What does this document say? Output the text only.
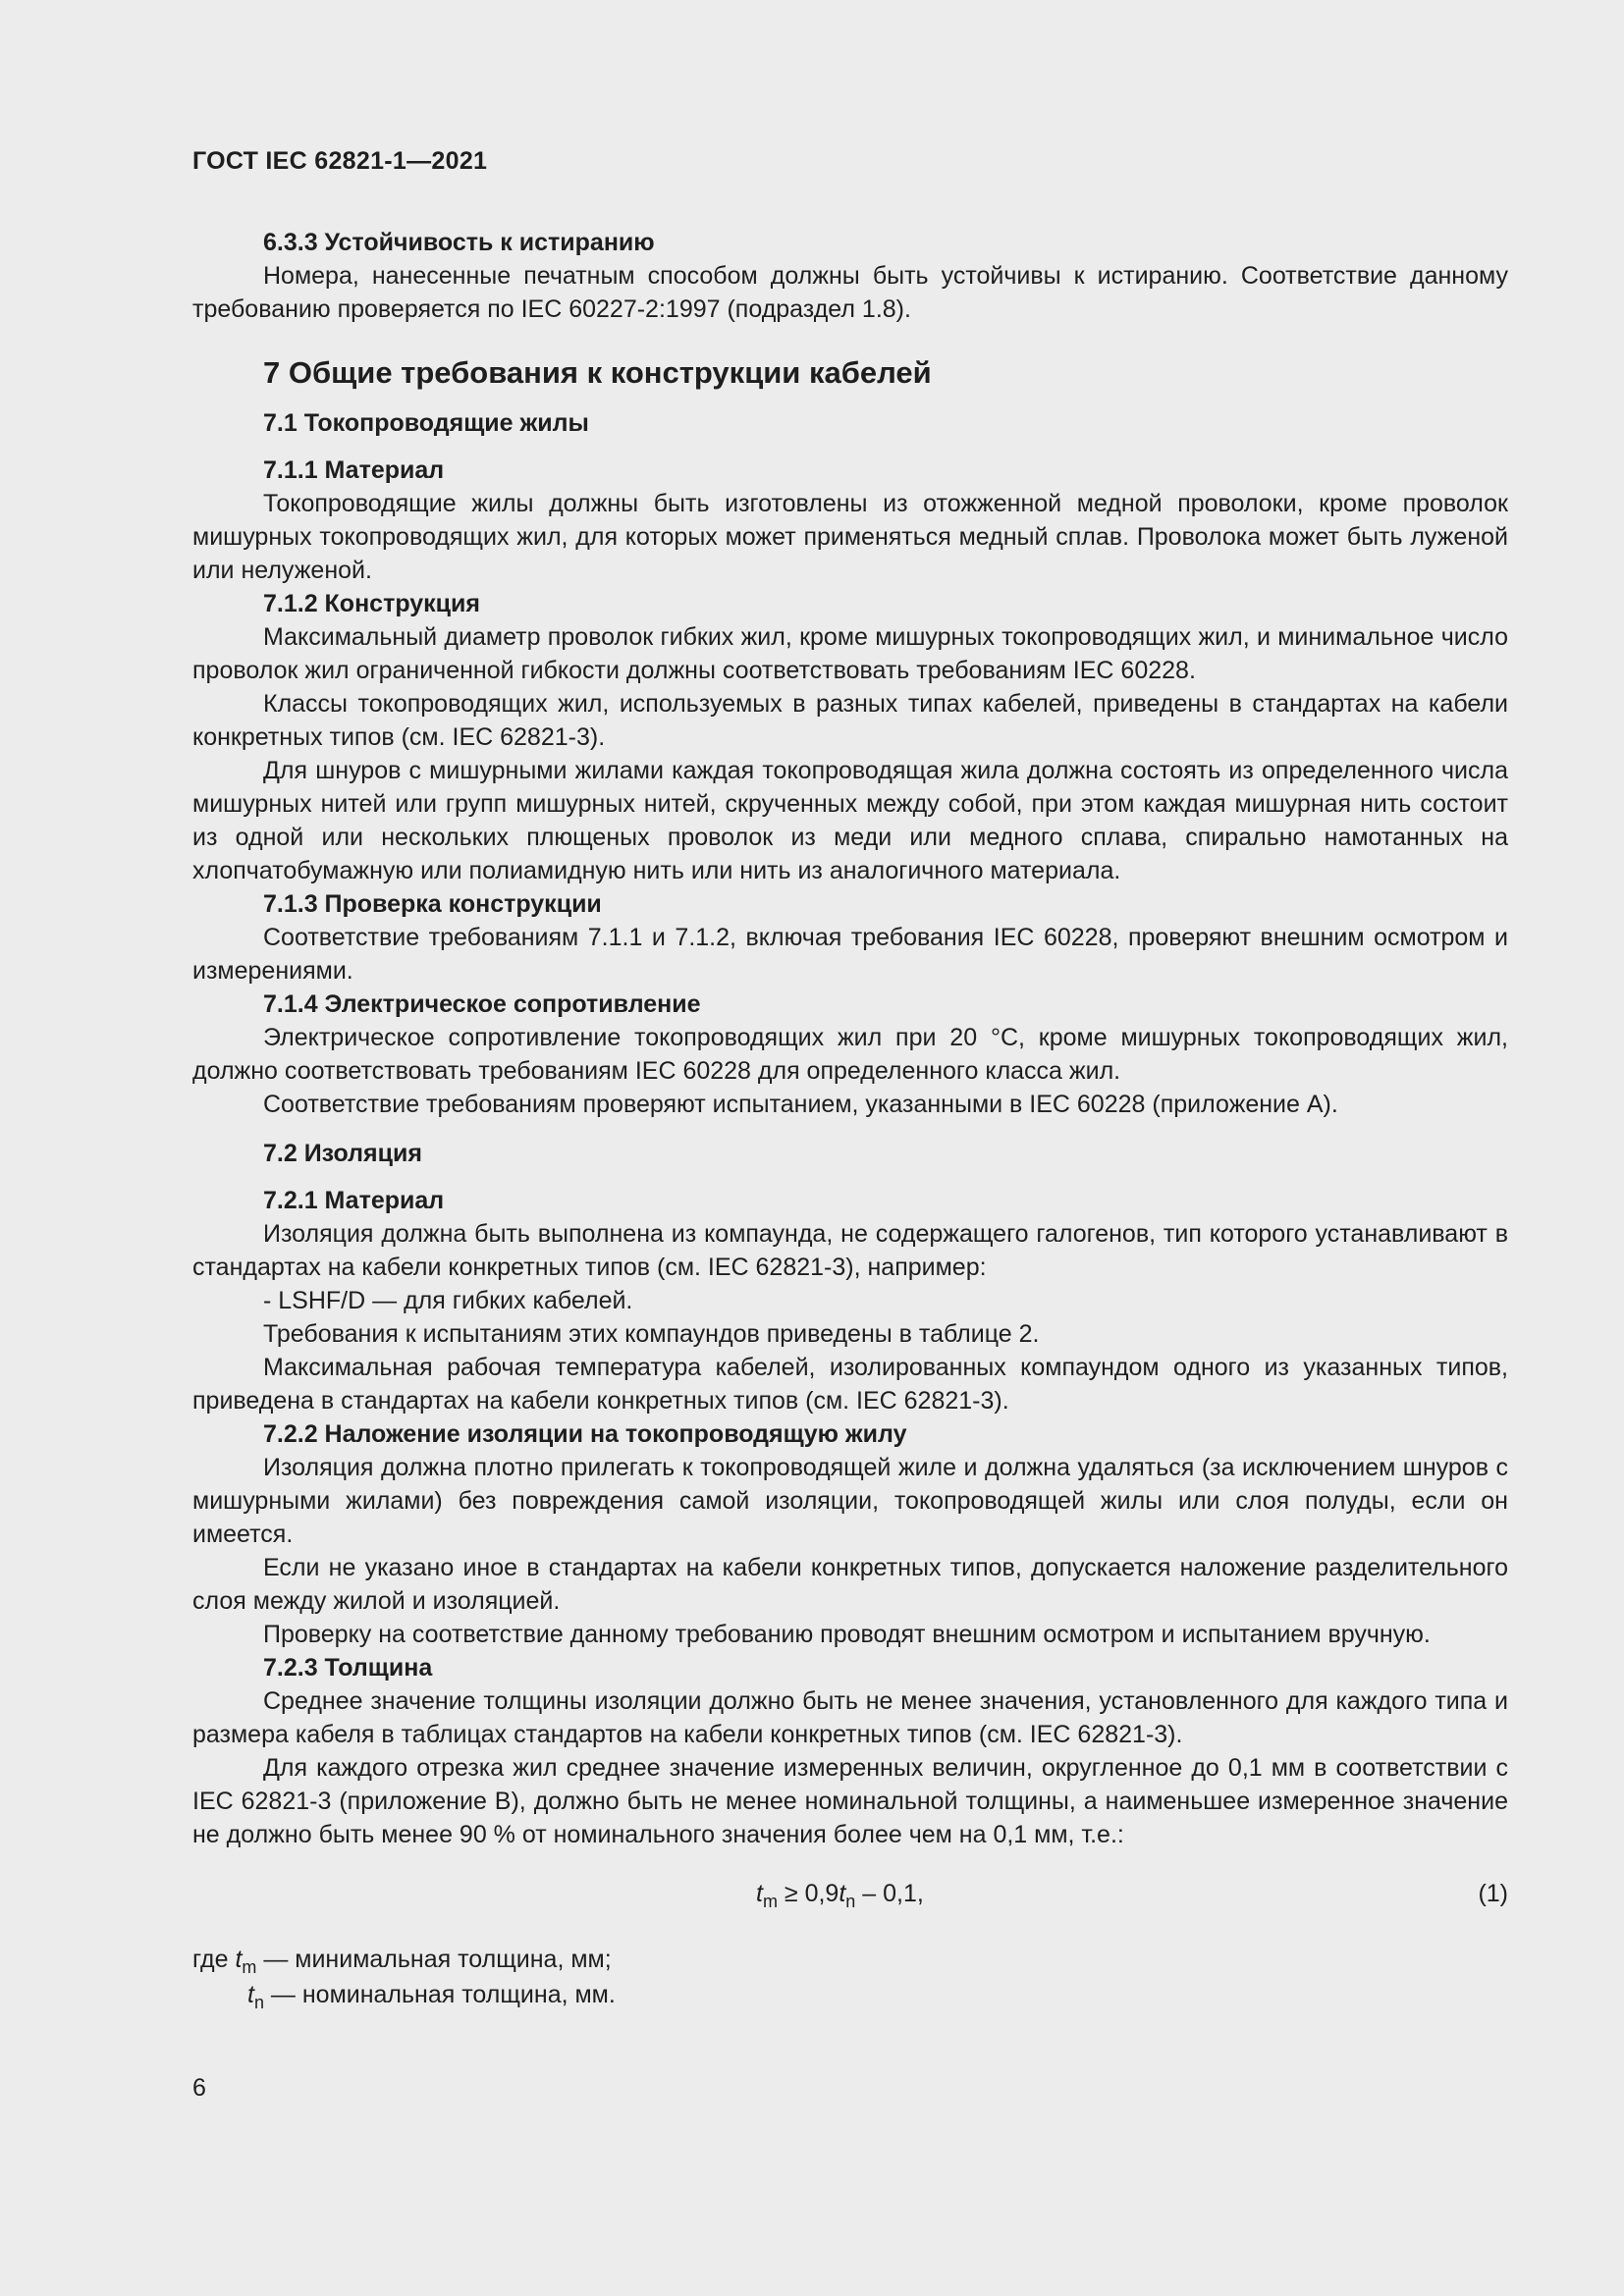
ГОСТ IEC 62821-1—2021
6.3.3 Устойчивость к истиранию
Номера, нанесенные печатным способом должны быть устойчивы к истиранию. Соответствие данному требованию проверяется по IEC 60227-2:1997 (подраздел 1.8).
7 Общие требования к конструкции кабелей
7.1 Токопроводящие жилы
7.1.1 Материал
Токопроводящие жилы должны быть изготовлены из отожженной медной проволоки, кроме проволок мишурных токопроводящих жил, для которых может применяться медный сплав. Проволока может быть луженой или нелуженой.
7.1.2 Конструкция
Максимальный диаметр проволок гибких жил, кроме мишурных токопроводящих жил, и минимальное число проволок жил ограниченной гибкости должны соответствовать требованиям IEC 60228.
Классы токопроводящих жил, используемых в разных типах кабелей, приведены в стандартах на кабели конкретных типов (см. IEC 62821-3).
Для шнуров с мишурными жилами каждая токопроводящая жила должна состоять из определенного числа мишурных нитей или групп мишурных нитей, скрученных между собой, при этом каждая мишурная нить состоит из одной или нескольких плющеных проволок из меди или медного сплава, спирально намотанных на хлопчатобумажную или полиамидную нить или нить из аналогичного материала.
7.1.3 Проверка конструкции
Соответствие требованиям 7.1.1 и 7.1.2, включая требования IEC 60228, проверяют внешним осмотром и измерениями.
7.1.4 Электрическое сопротивление
Электрическое сопротивление токопроводящих жил при 20 °С, кроме мишурных токопроводящих жил, должно соответствовать требованиям IEC 60228 для определенного класса жил.
Соответствие требованиям проверяют испытанием, указанными в IEC 60228 (приложение А).
7.2 Изоляция
7.2.1 Материал
Изоляция должна быть выполнена из компаунда, не содержащего галогенов, тип которого устанавливают в стандартах на кабели конкретных типов (см. IEC 62821-3), например:
- LSHF/D — для гибких кабелей.
Требования к испытаниям этих компаундов приведены в таблице 2.
Максимальная рабочая температура кабелей, изолированных компаундом одного из указанных типов, приведена в стандартах на кабели конкретных типов (см. IEC 62821-3).
7.2.2 Наложение изоляции на токопроводящую жилу
Изоляция должна плотно прилегать к токопроводящей жиле и должна удаляться (за исключением шнуров с мишурными жилами) без повреждения самой изоляции, токопроводящей жилы или слоя полуды, если он имеется.
Если не указано иное в стандартах на кабели конкретных типов, допускается наложение разделительного слоя между жилой и изоляцией.
Проверку на соответствие данному требованию проводят внешним осмотром и испытанием вручную.
7.2.3 Толщина
Среднее значение толщины изоляции должно быть не менее значения, установленного для каждого типа и размера кабеля в таблицах стандартов на кабели конкретных типов (см. IEC 62821-3).
Для каждого отрезка жил среднее значение измеренных величин, округленное до 0,1 мм в соответствии с IEC 62821-3 (приложение В), должно быть не менее номинальной толщины, а наименьшее измеренное значение не должно быть менее 90 % от номинального значения более чем на 0,1 мм, т.е.:
$t_m \ge 0,9t_n - 0,1$,	(1)
где $t_m$ — минимальная толщина, мм;
$t_n$ — номинальная толщина, мм.
6
